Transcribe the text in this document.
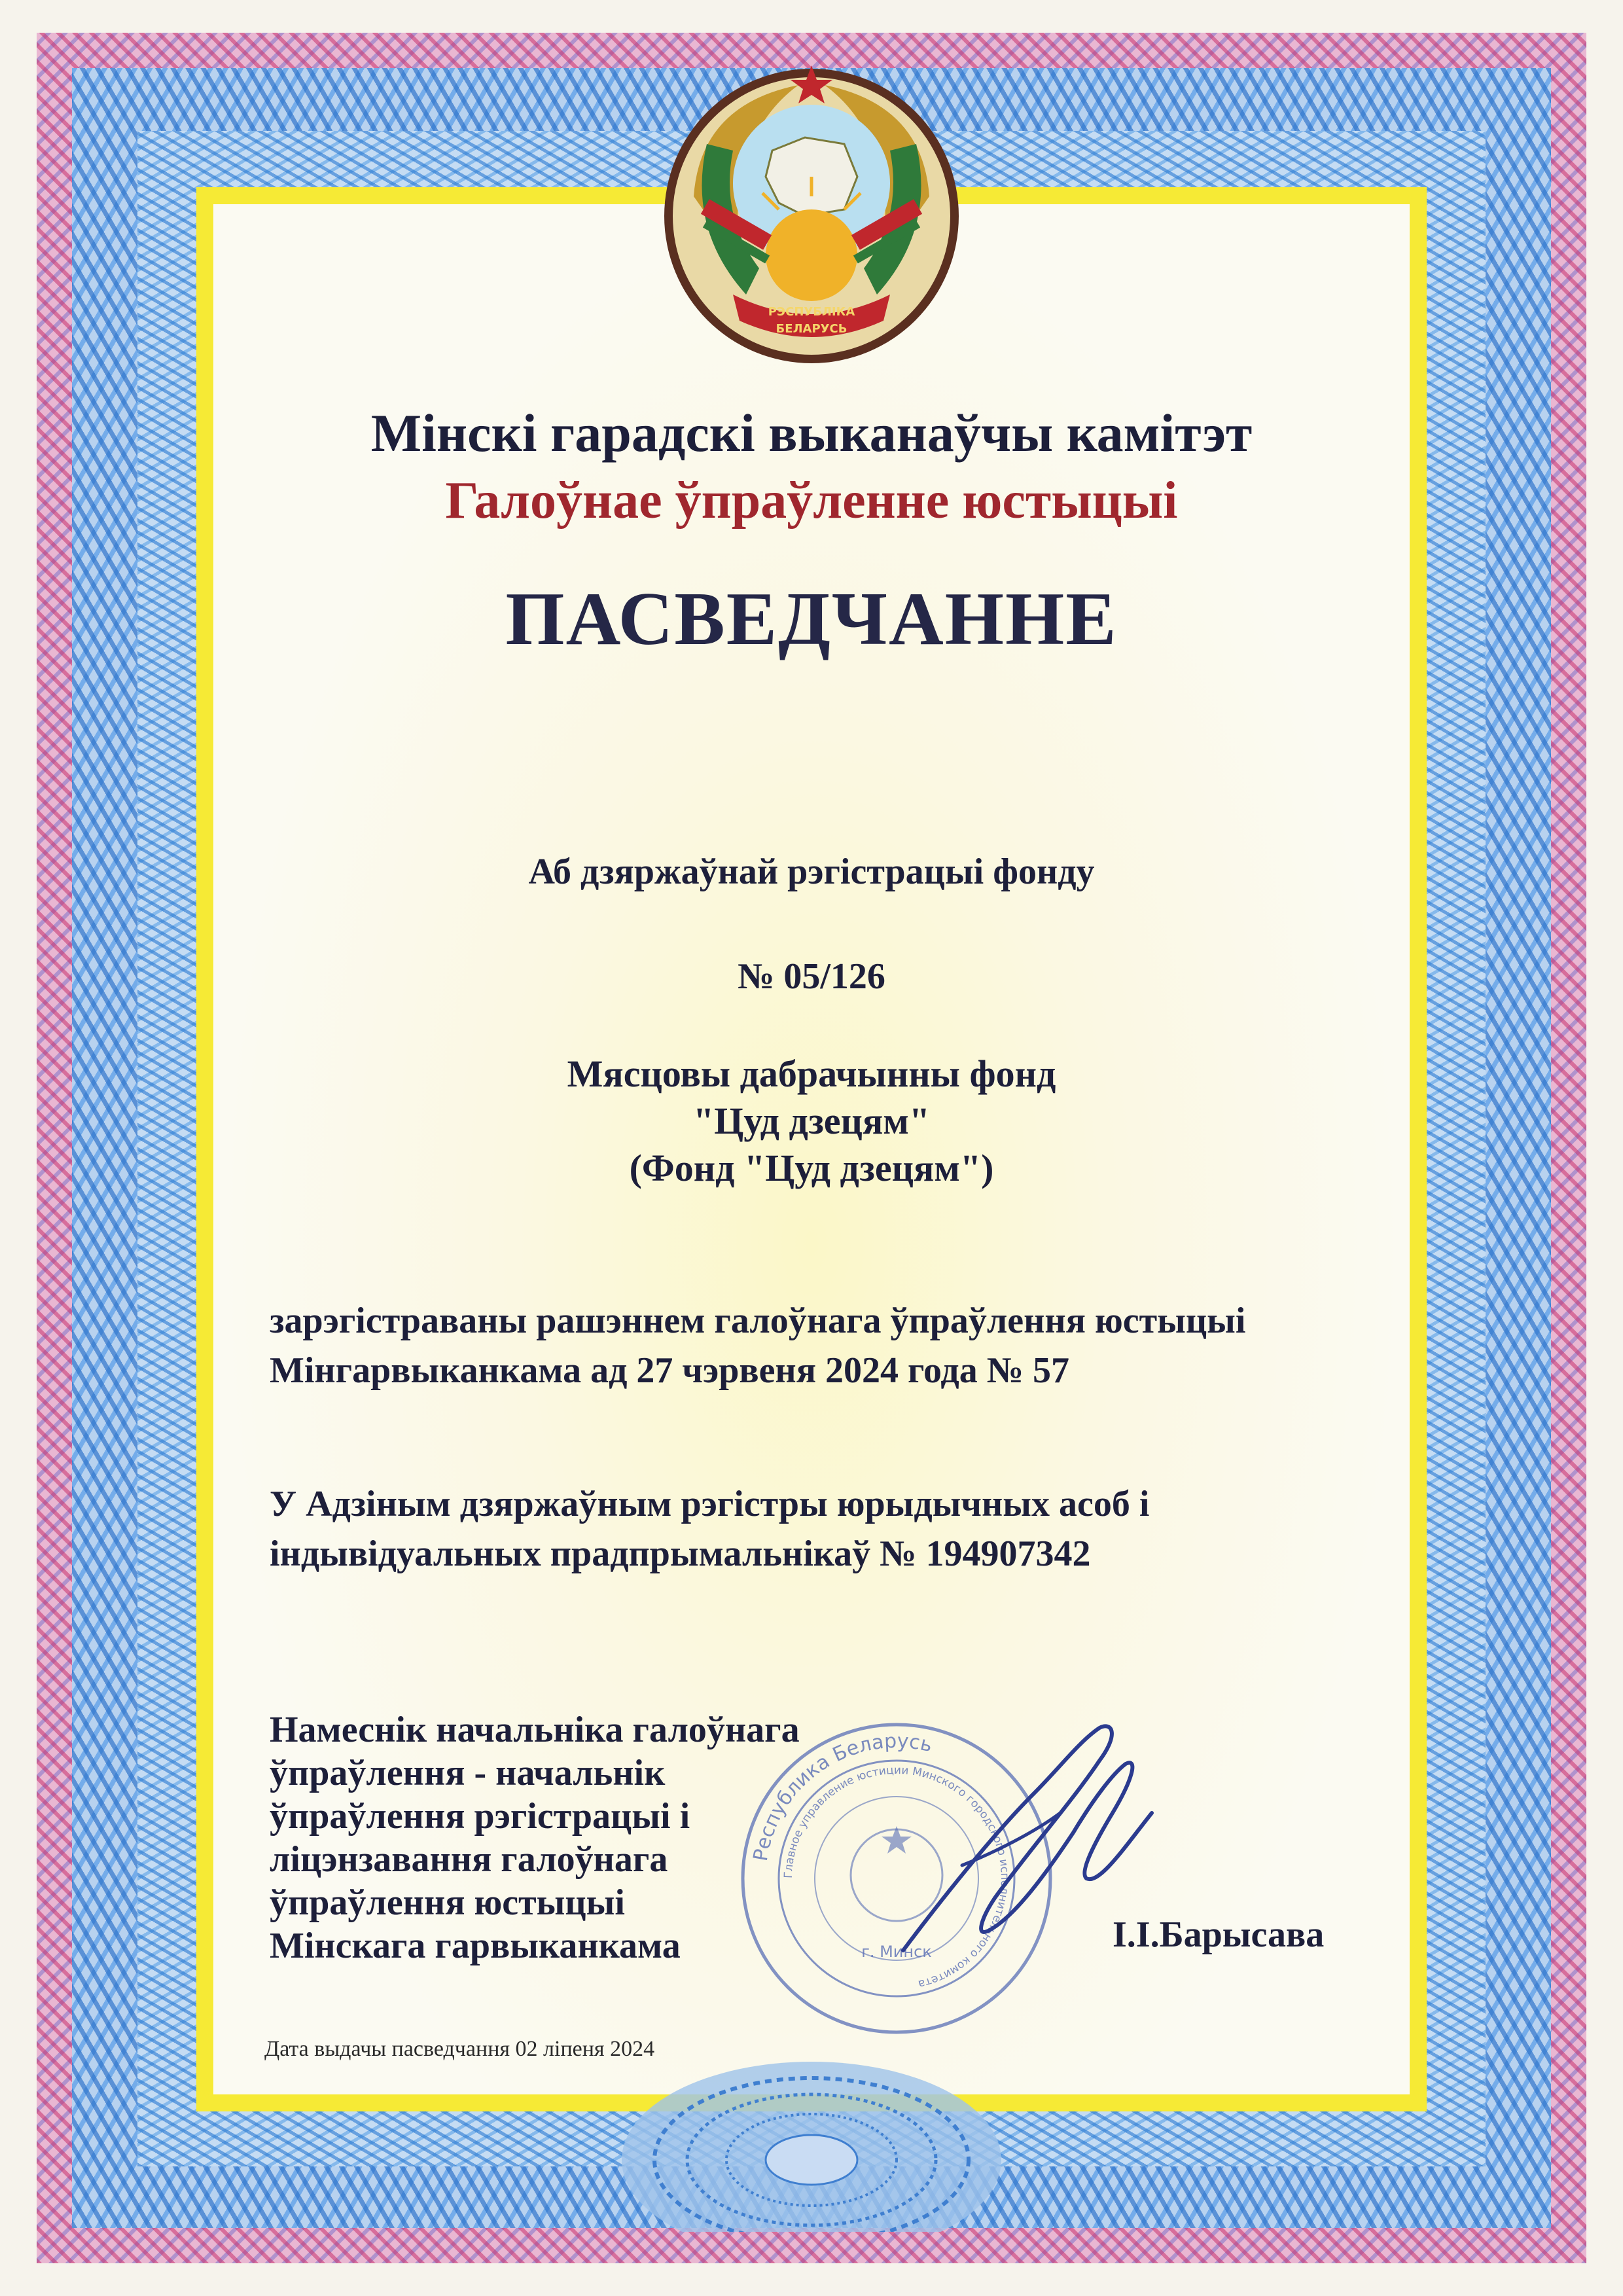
РЭСПУБЛІКА
БЕЛАРУСЬ
Мінскі гарадскі выканаўчы камітэт
Галоўнае ўпраўленне юстыцыі
ПАСВЕДЧАННЕ
Аб дзяржаўнай рэгістрацыі фонду
№ 05/126
Мясцовы дабрачынны фонд
"Цуд дзецям"
(Фонд "Цуд дзецям")
зарэгістраваны рашэннем галоўнага ўпраўлення юстыцыі
Мінгарвыканкама ад 27 чэрвеня 2024 года № 57
У Адзіным дзяржаўным рэгістры юрыдычных асоб і
індывідуальных прадпрымальнікаў № 194907342
Намеснік начальніка галоўнага
ўпраўлення - начальнік
ўпраўлення рэгістрацыі і
ліцэнзавання галоўнага
ўпраўлення юстыцыі
Мінскага гарвыканкама
Республика Беларусь
Главное управление юстиции Минского городского исполнительного комитета
г. Минск	І.І.Барысава
Дата выдачы пасведчання 02 ліпеня 2024
